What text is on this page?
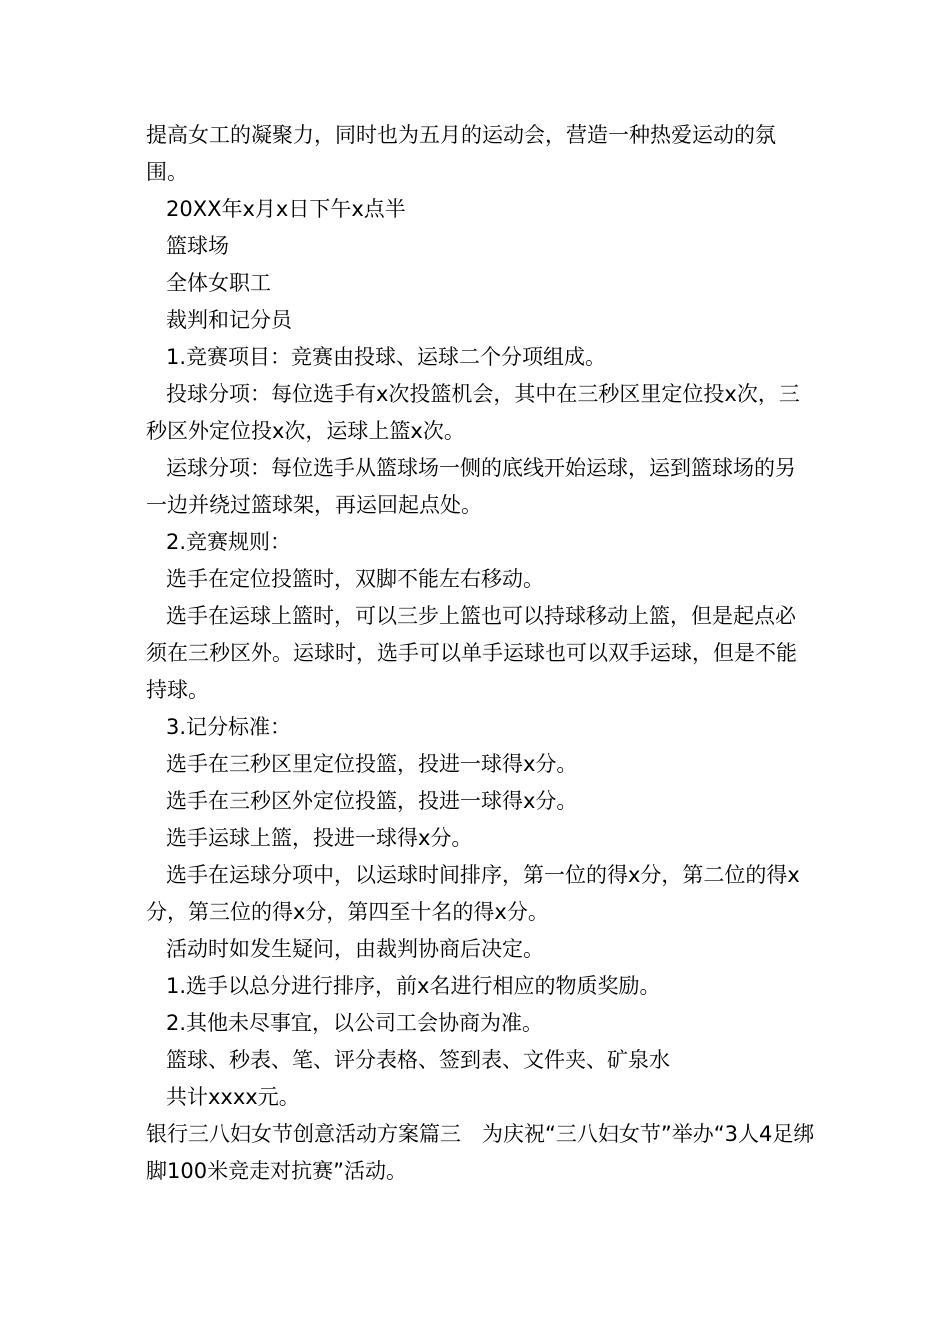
提高女工的凝聚力，同时也为五月的运动会，营造一种热爱运动的氛围。

20XX年x月x日下午x点半

篮球场

全体女职工

裁判和记分员

1.竞赛项目：竞赛由投球、运球二个分项组成。

投球分项：每位选手有x次投篮机会，其中在三秒区里定位投x次，三秒区外定位投x次，运球上篮x次。

运球分项：每位选手从篮球场一侧的底线开始运球，运到篮球场的另一边并绕过篮球架，再运回起点处。

2.竞赛规则：

选手在定位投篮时，双脚不能左右移动。

选手在运球上篮时，可以三步上篮也可以持球移动上篮，但是起点必须在三秒区外。运球时，选手可以单手运球也可以双手运球，但是不能持球。

3.记分标准：

选手在三秒区里定位投篮，投进一球得x分。

选手在三秒区外定位投篮，投进一球得x分。

选手运球上篮，投进一球得x分。

选手在运球分项中，以运球时间排序，第一位的得x分，第二位的得x分，第三位的得x分，第四至十名的得x分。

活动时如发生疑问，由裁判协商后决定。

1.选手以总分进行排序，前x名进行相应的物质奖励。

2.其他未尽事宜，以公司工会协商为准。

篮球、秒表、笔、评分表格、签到表、文件夹、矿泉水

共计xxxx元。

银行三八妇女节创意活动方案篇三　为庆祝“三八妇女节”举办“3人4足绑脚100米竞走对抗赛”活动。
